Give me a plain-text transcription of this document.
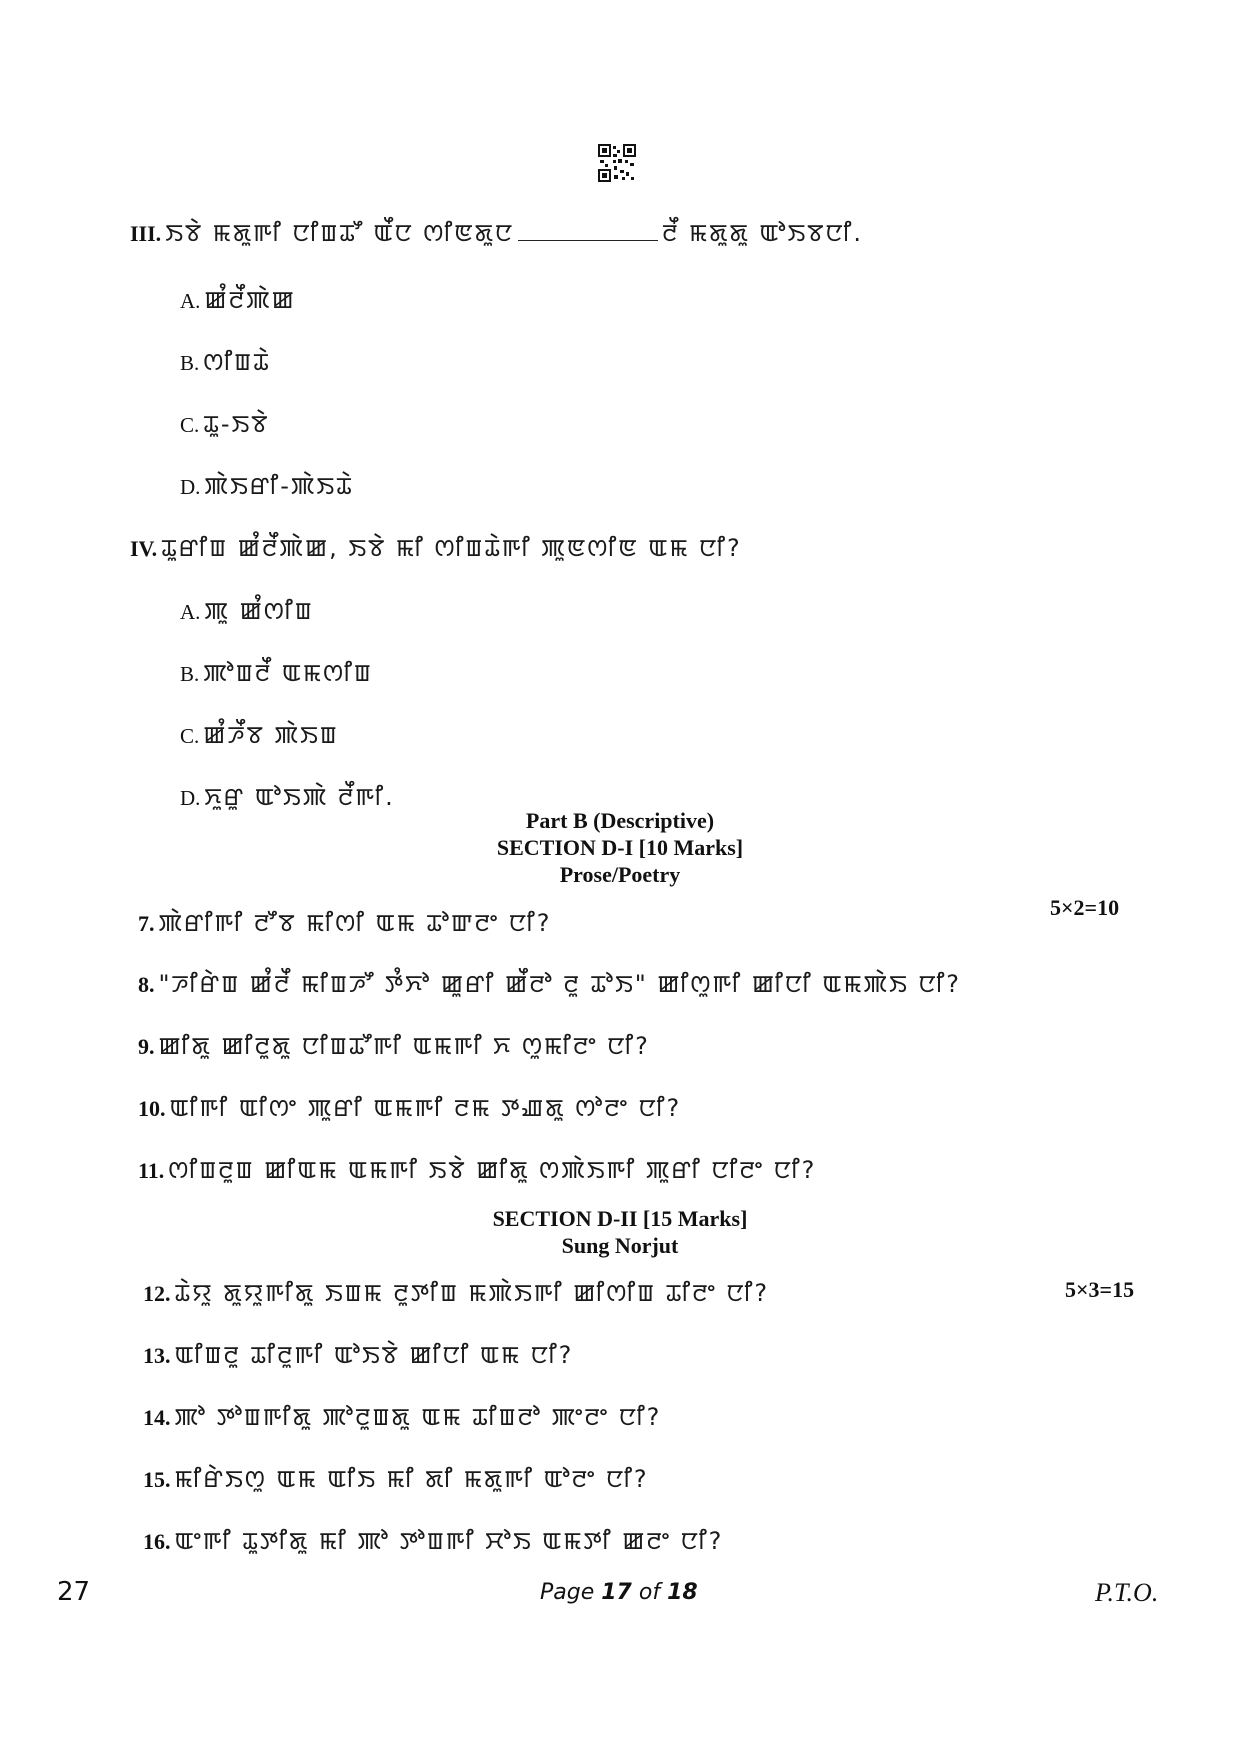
III. ꯏꯕꯥ ꯃꯗꯨꯒꯤ ꯅꯤꯡꯊꯧ ꯑꯩꯅ ꯁꯤꯟꯗꯨꯅ	ꯂꯩ ꯃꯗꯨꯗꯨ ꯑꯣꯏꯕꯅꯤ.
A. ꯀꯪꯂꯩꯄꯥꯀ
B. ꯁꯤꯡꯊꯥ
C. ꯊꯨ-ꯏꯕꯥ
D. ꯄꯥꯏꯔꯤ-ꯄꯥꯏꯊꯥ
IV. ꯊꯨꯔꯤꯡ ꯀꯪꯂꯩꯄꯥꯀ, ꯏꯕꯥ ꯃꯤ ꯁꯤꯡꯊꯥꯒꯤ ꯄꯨꯟꯁꯤꯟ ꯑꯃ ꯅꯤ?
A. ꯄꯨ ꯀꯪꯁꯤꯡ
B. ꯄꯣꯡꯂꯩ ꯑꯃꯁꯤꯡ
C. ꯀꯪꯍꯩꯕ ꯄꯥꯏꯡ
D. ꯈꯨꯔꯨ ꯑꯣꯏꯄꯥ ꯂꯩꯒꯤ.
Part B (Descriptive)
SECTION D-I [10 Marks]
Prose/Poetry
5×2=10
7. ꯄꯥꯔꯤꯒꯤ ꯂꯧꯕ ꯃꯤꯁꯤ ꯑꯃ ꯊꯣꯛꯂꯦ ꯅꯤ?
8. "ꯍꯤꯔꯥꯡ ꯀꯪꯂꯩ ꯃꯤꯡꯍꯧ ꯇꯪꯈꯣ ꯀꯨꯔꯤ ꯀꯩꯂꯣ ꯂꯨ ꯊꯣꯏ" ꯀꯤꯁꯨꯒꯤ ꯀꯤꯅꯤ ꯑꯃꯄꯥꯏ ꯅꯤ?
9. ꯀꯤꯗꯨ ꯀꯤꯂꯨꯗꯨ ꯅꯤꯡꯊꯧꯒꯤ ꯑꯃꯒꯤ ꯈ ꯁꯨꯃꯤꯂꯦ ꯅꯤ?
10. ꯑꯤꯒꯤ ꯑꯤꯁꯦ ꯄꯨꯔꯤ ꯑꯃꯒꯤ ꯂꯃ ꯇꯉꯗꯨ ꯁꯣꯂꯦ ꯅꯤ?
11. ꯁꯤꯡꯂꯨꯡ ꯀꯤꯑꯃ ꯑꯃꯒꯤ ꯏꯕꯥ ꯀꯤꯗꯨ ꯁꯄꯥꯏꯒꯤ ꯄꯨꯔꯤ ꯅꯤꯂꯦ ꯅꯤ?
SECTION D-II [15 Marks]
Sung Norjut
5×3=15
12. ꯊꯥꯌꯨ ꯗꯨꯌꯨꯒꯤꯗꯨ ꯏꯡꯃ ꯂꯨꯇꯤꯡ ꯃꯄꯥꯏꯒꯤ ꯀꯤꯁꯤꯡ ꯊꯤꯂꯦ ꯅꯤ?
13. ꯑꯤꯡꯂꯨ ꯊꯤꯂꯨꯒꯤ ꯑꯣꯏꯕꯥ ꯀꯤꯅꯤ ꯑꯃ ꯅꯤ?
14. ꯄꯣ ꯇꯣꯡꯒꯤꯗꯨ ꯄꯣꯂꯨꯡꯗꯨ ꯑꯃ ꯊꯤꯡꯂꯣ ꯄꯦꯂꯦ ꯅꯤ?
15. ꯃꯤꯔꯥꯏꯁꯨ ꯑꯃ ꯑꯤꯏ ꯃꯤ ꯗꯤ ꯃꯗꯨꯒꯤ ꯑꯣꯂꯦ ꯅꯤ?
16. ꯑꯦꯒꯤ ꯊꯨꯇꯤꯗꯨ ꯃꯤ ꯄꯣ ꯇꯣꯡꯒꯤ ꯆꯣꯏ ꯑꯃꯇꯤ ꯀꯂꯦ ꯅꯤ?
27	Page 17 of 18	P.T.O.
